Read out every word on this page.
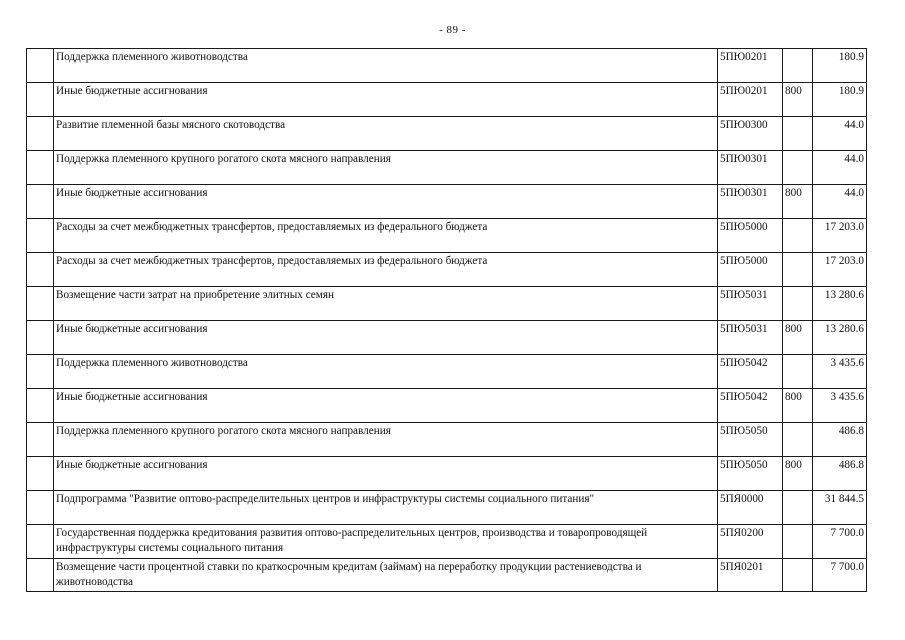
- 89 -
	Поддержка племенного животноводства	5ПЮ0201		180.9
	Иные бюджетные ассигнования	5ПЮ0201	800	180.9
	Развитие племенной базы мясного скотоводства	5ПЮ0300		44.0
	Поддержка племенного крупного рогатого скота мясного направления	5ПЮ0301		44.0
	Иные бюджетные ассигнования	5ПЮ0301	800	44.0
	Расходы за счет межбюджетных трансфертов, предоставляемых из федерального бюджета	5ПЮ5000		17 203.0
	Расходы за счет межбюджетных трансфертов, предоставляемых из федерального бюджета	5ПЮ5000		17 203.0
	Возмещение части затрат на приобретение элитных семян	5ПЮ5031		13 280.6
	Иные бюджетные ассигнования	5ПЮ5031	800	13 280.6
	Поддержка племенного животноводства	5ПЮ5042		3 435.6
	Иные бюджетные ассигнования	5ПЮ5042	800	3 435.6
	Поддержка племенного крупного рогатого скота мясного направления	5ПЮ5050		486.8
	Иные бюджетные ассигнования	5ПЮ5050	800	486.8
	Подпрограмма "Развитие оптово-распределительных центров и инфраструктуры системы социального питания"	5ПЯ0000		31 844.5
	Государственная поддержка кредитования развития оптово-распределительных центров, производства и товаропроводящей инфраструктуры системы социального питания	5ПЯ0200		7 700.0
	Возмещение части процентной ставки по краткосрочным кредитам (займам) на переработку продукции растениеводства и животноводства	5ПЯ0201		7 700.0
